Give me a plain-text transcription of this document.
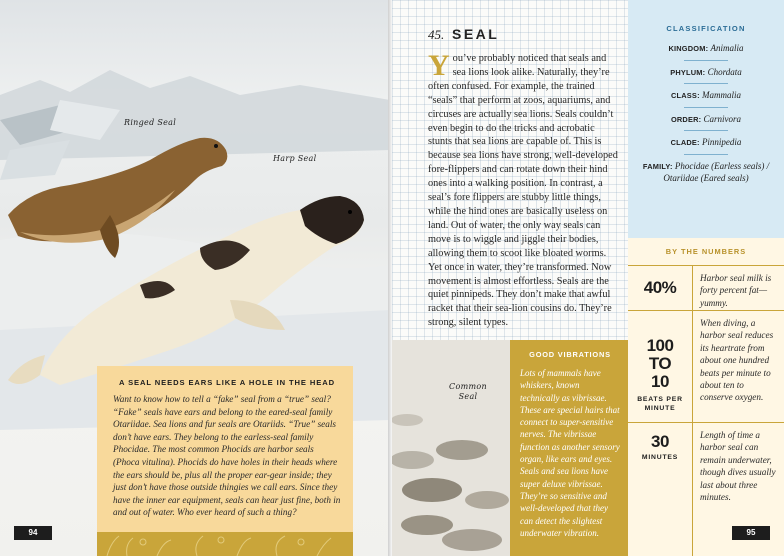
Ringed Seal
Harp Seal
A SEAL NEEDS EARS LIKE A HOLE IN THE HEAD
Want to know how to tell a “fake” seal from a “true” seal? “Fake” seals have ears and belong to the eared-seal family Otariidae. Sea lions and fur seals are Otariids. “True” seals don’t have ears. They belong to the earless-seal family Phocidae. The most common Phocids are harbor seals (Phoca vitulina). Phocids do have holes in their heads where the ears should be, plus all the proper ear-gear inside; they just don’t have those outside thingies we call ears. Since they have the inner ear equipment, seals can hear just fine, both in and out of water. Who ever heard of such a thing?
94
45. SEAL
You’ve probably noticed that seals and sea lions look alike. Naturally, they’re often confused. For example, the trained “seals” that perform at zoos, aquariums, and circuses are actually sea lions. Seals couldn’t even begin to do the tricks and acrobatic stunts that sea lions are capable of. This is because sea lions have strong, well-developed fore-flippers and can rotate down their hind ones into a walking position. In contrast, a seal’s fore flippers are stubby little things, while the hind ones are basically useless on land. Out of water, the only way seals can move is to wiggle and jiggle their bodies, allowing them to scoot like bloated worms. Yet once in water, they’re transformed. Now movement is almost effortless. Seals are the quiet pinnipeds. They don’t make that awful racket that their sea-lion cousins do. They’re strong, silent types.
Common Seal
GOOD VIBRATIONS
Lots of mammals have whiskers, known technically as vibrissae. These are special hairs that connect to super-sensitive nerves. The vibrissae function as another sensory organ, like ears and eyes. Seals and sea lions have super deluxe vibrissae. They’re so sensitive and well-developed that they can detect the slightest underwater vibration.
CLASSIFICATION
KINGDOM: Animalia
PHYLUM: Chordata
CLASS: Mammalia
ORDER: Carnivora
CLADE: Pinnipedia
FAMILY: Phocidae (Earless seals) / Otariidae (Eared seals)
BY THE NUMBERS
40%	Harbor seal milk is forty percent fat—yummy.
100 TO 10
BEATS PER MINUTE
When diving, a harbor seal reduces its heartrate from about one hundred beats per minute to about ten to conserve oxygen.
30
MINUTES
Length of time a harbor seal can remain underwater, though dives usually last about three minutes.
95
